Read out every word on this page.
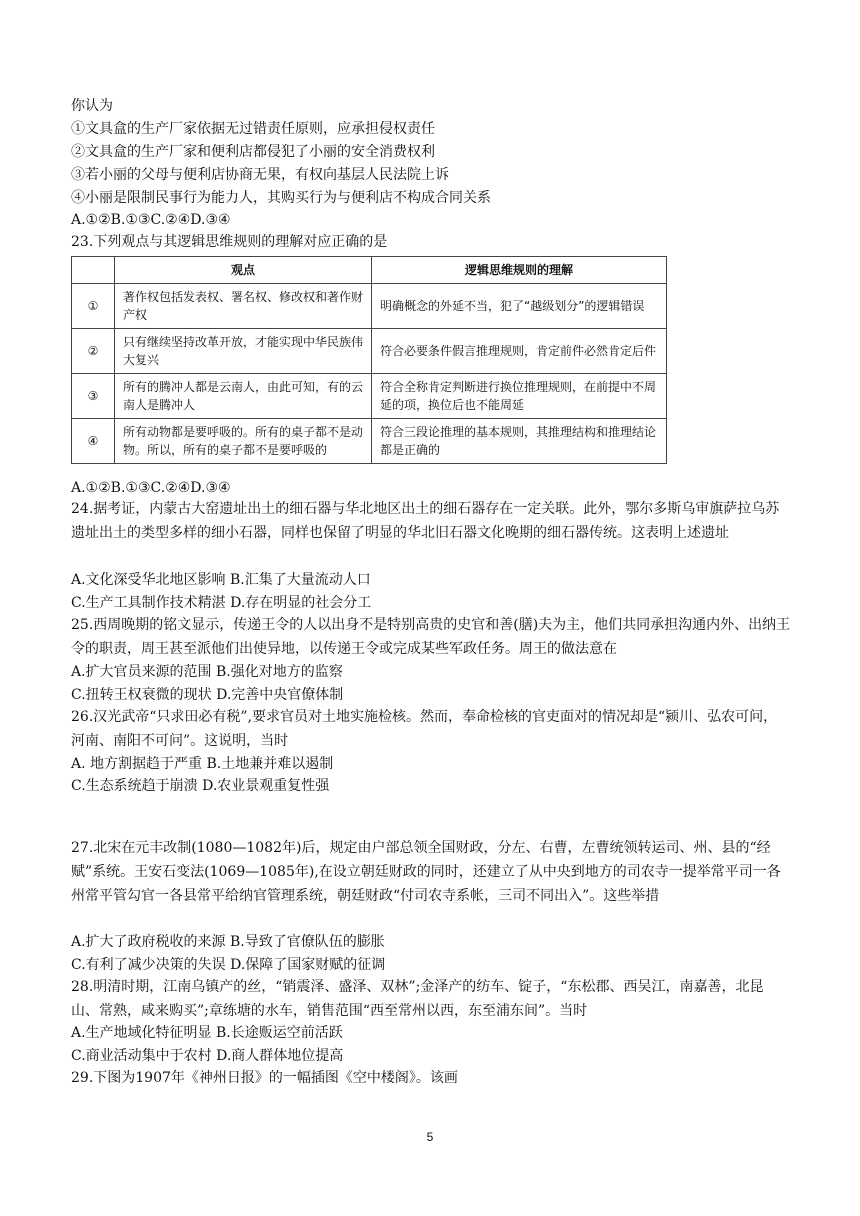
你认为
①文具盒的生产厂家依据无过错责任原则，应承担侵权责任
②文具盒的生产厂家和便利店都侵犯了小丽的安全消费权利
③若小丽的父母与便利店协商无果，有权向基层人民法院上诉
④小丽是限制民事行为能力人，其购买行为与便利店不构成合同关系
A.①②B.①③C.②④D.③④
23.下列观点与其逻辑思维规则的理解对应正确的是
	观点	逻辑思维规则的理解
①	著作权包括发表权、署名权、修改权和著作财产权	明确概念的外延不当，犯了“越级划分”的逻辑错误
②	只有继续坚持改革开放，才能实现中华民族伟大复兴	符合必要条件假言推理规则，肯定前件必然肯定后件
③	所有的腾冲人都是云南人，由此可知，有的云南人是腾冲人	符合全称肯定判断进行换位推理规则，在前提中不周延的项，换位后也不能周延
④	所有动物都是要呼吸的。所有的桌子都不是动物。所以，所有的桌子都不是要呼吸的	符合三段论推理的基本规则，其推理结构和推理结论都是正确的
A.①②B.①③C.②④D.③④
24.据考证，内蒙古大窑遗址出土的细石器与华北地区出土的细石器存在一定关联。此外，鄂尔多斯乌审旗萨拉乌苏遗址出土的类型多样的细小石器，同样也保留了明显的华北旧石器文化晚期的细石器传统。这表明上述遗址
A.文化深受华北地区影响 B.汇集了大量流动人口
C.生产工具制作技术精湛 D.存在明显的社会分工
25.西周晚期的铭文显示，传递王令的人以出身不是特别高贵的史官和善(膳)夫为主，他们共同承担沟通内外、出纳王令的职责，周王甚至派他们出使异地，以传递王令或完成某些军政任务。周王的做法意在
A.扩大官员来源的范围 B.强化对地方的监察
C.扭转王权衰微的现状 D.完善中央官僚体制
26.汉光武帝“只求田必有税”,要求官员对土地实施检核。然而，奉命检核的官吏面对的情况却是“颍川、弘农可问，河南、南阳不可问”。这说明，当时
A. 地方割据趋于严重 B.土地兼并难以遏制
C.生态系统趋于崩溃 D.农业景观重复性强
27.北宋在元丰改制(1080—1082年)后，规定由户部总领全国财政，分左、右曹，左曹统领转运司、州、县的“经赋”系统。王安石变法(1069—1085年),在设立朝廷财政的同时，还建立了从中央到地方的司农寺一提举常平司一各州常平管勾官一各县常平给纳官管理系统，朝廷财政“付司农寺系帐，三司不同出入”。这些举措
A.扩大了政府税收的来源 B.导致了官僚队伍的膨胀
C.有利了减少决策的失误 D.保障了国家财赋的征调
28.明清时期，江南乌镇产的丝，“销震泽、盛泽、双林”;金泽产的纺车、锭子，“东松郡、西吴江，南嘉善，北昆山、常熟，咸来购买”;章练塘的水车，销售范围“西至常州以西，东至浦东间”。当时
A.生产地域化特征明显 B.长途贩运空前活跃
C.商业活动集中于农村 D.商人群体地位提高
29.下图为1907年《神州日报》的一幅插图《空中楼阁》。该画
5
